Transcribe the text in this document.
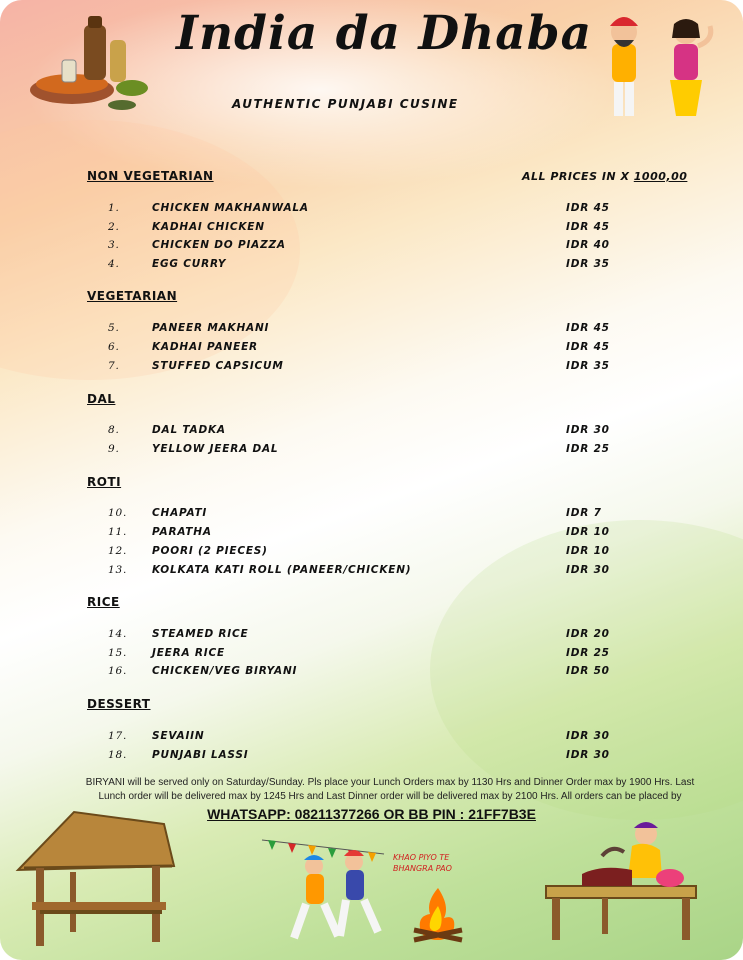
India da Dhaba
AUTHENTIC PUNJABI CUSINE
ALL PRICES IN X 1000,00
NON VEGETARIAN
1.	CHICKEN MAKHANWALA	IDR 45
2.	KADHAI CHICKEN	IDR 45
3.	CHICKEN DO PIAZZA	IDR 40
4.	EGG CURRY	IDR 35
VEGETARIAN
5.	PANEER MAKHANI	IDR 45
6.	KADHAI PANEER	IDR 45
7.	STUFFED CAPSICUM	IDR 35
DAL
8.	DAL TADKA	IDR 30
9.	YELLOW JEERA DAL	IDR 25
ROTI
10. CHAPATI	IDR 7
11. PARATHA	IDR 10
12. POORI (2 PIECES)	IDR 10
13. KOLKATA KATI ROLL (PANEER/CHICKEN)	IDR 30
RICE
14. STEAMED RICE	IDR 20
15. JEERA RICE	IDR 25
16. CHICKEN/VEG BIRYANI	IDR 50
DESSERT
17. SEVAIIN	IDR 30
18. PUNJABI LASSI	IDR 30
BIRYANI will be served only on Saturday/Sunday. Pls place your Lunch Orders max by 1130 Hrs and Dinner Order max by 1900 Hrs. Last
Lunch order will be delivered max by 1245 Hrs and Last Dinner order will be delivered max by 2100 Hrs. All orders can be placed by
WHATSAPP: 08211377266 OR BB PIN : 21FF7B3E
KHAO PIYO TE
BHANGRA PAO
